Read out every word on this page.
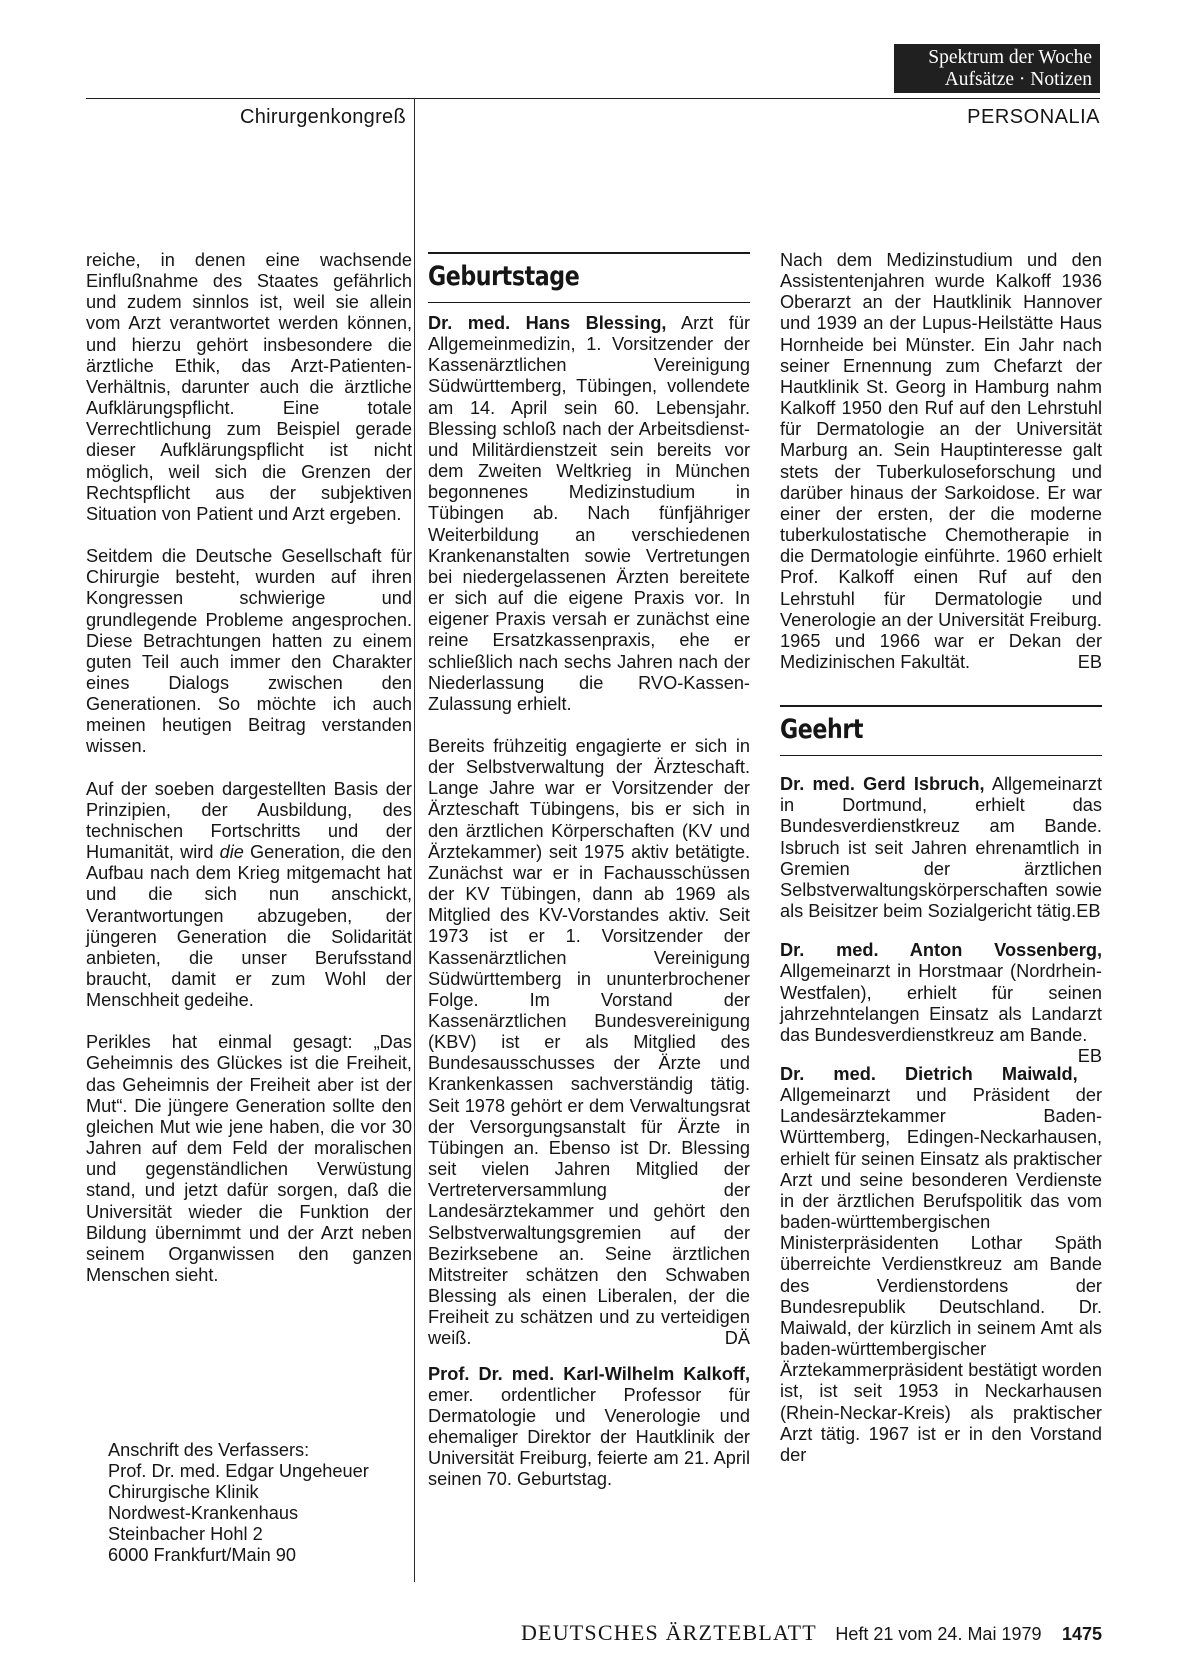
Spektrum der Woche
Aufsätze · Notizen
Chirurgenkongreß	PERSONALIA

reiche, in denen eine wachsende Einflußnahme des Staates gefährlich und zudem sinnlos ist, weil sie allein vom Arzt verantwortet werden können, und hierzu gehört insbesondere die ärztliche Ethik, das Arzt-Patienten-Verhältnis, darunter auch die ärztliche Aufklärungspflicht. Eine totale Verrechtlichung zum Beispiel gerade dieser Aufklärungspflicht ist nicht möglich, weil sich die Grenzen der Rechtspflicht aus der subjektiven Situation von Patient und Arzt ergeben.

Seitdem die Deutsche Gesellschaft für Chirurgie besteht, wurden auf ihren Kongressen schwierige und grundlegende Probleme angesprochen. Diese Betrachtungen hatten zu einem guten Teil auch immer den Charakter eines Dialogs zwischen den Generationen. So möchte ich auch meinen heutigen Beitrag verstanden wissen.

Auf der soeben dargestellten Basis der Prinzipien, der Ausbildung, des technischen Fortschritts und der Humanität, wird die Generation, die den Aufbau nach dem Krieg mitgemacht hat und die sich nun anschickt, Verantwortungen abzugeben, der jüngeren Generation die Solidarität anbieten, die unser Berufsstand braucht, damit er zum Wohl der Menschheit gedeihe.

Perikles hat einmal gesagt: „Das Geheimnis des Glückes ist die Freiheit, das Geheimnis der Freiheit aber ist der Mut“. Die jüngere Generation sollte den gleichen Mut wie jene haben, die vor 30 Jahren auf dem Feld der moralischen und gegenständlichen Verwüstung stand, und jetzt dafür sorgen, daß die Universität wieder die Funktion der Bildung übernimmt und der Arzt neben seinem Organwissen den ganzen Menschen sieht.

Anschrift des Verfassers:
Prof. Dr. med. Edgar Ungeheuer
Chirurgische Klinik
Nordwest-Krankenhaus
Steinbacher Hohl 2
6000 Frankfurt/Main 90
Geburtstage

Dr. med. Hans Blessing, Arzt für Allgemeinmedizin, 1. Vorsitzender der Kassenärztlichen Vereinigung Südwürttemberg, Tübingen, vollendete am 14. April sein 60. Lebensjahr. Blessing schloß nach der Arbeitsdienst- und Militärdienstzeit sein bereits vor dem Zweiten Weltkrieg in München begonnenes Medizinstudium in Tübingen ab. Nach fünfjähriger Weiterbildung an verschiedenen Krankenanstalten sowie Vertretungen bei niedergelassenen Ärzten bereitete er sich auf die eigene Praxis vor. In eigener Praxis versah er zunächst eine reine Ersatzkassenpraxis, ehe er schließlich nach sechs Jahren nach der Niederlassung die RVO-Kassen-Zulassung erhielt.

Bereits frühzeitig engagierte er sich in der Selbstverwaltung der Ärzteschaft. Lange Jahre war er Vorsitzender der Ärzteschaft Tübingens, bis er sich in den ärztlichen Körperschaften (KV und Ärztekammer) seit 1975 aktiv betätigte. Zunächst war er in Fachausschüssen der KV Tübingen, dann ab 1969 als Mitglied des KV-Vorstandes aktiv. Seit 1973 ist er 1. Vorsitzender der Kassenärztlichen Vereinigung Südwürttemberg in ununterbrochener Folge. Im Vorstand der Kassenärztlichen Bundesvereinigung (KBV) ist er als Mitglied des Bundesausschusses der Ärzte und Krankenkassen sachverständig tätig. Seit 1978 gehört er dem Verwaltungsrat der Versorgungsanstalt für Ärzte in Tübingen an. Ebenso ist Dr. Blessing seit vielen Jahren Mitglied der Vertreterversammlung der Landesärztekammer und gehört den Selbstverwaltungsgremien auf der Bezirksebene an. Seine ärztlichen Mitstreiter schätzen den Schwaben Blessing als einen Liberalen, der die Freiheit zu schätzen und zu verteidigen weiß.	DÄ

Prof. Dr. med. Karl-Wilhelm Kalkoff, emer. ordentlicher Professor für Dermatologie und Venerologie und ehemaliger Direktor der Hautklinik der Universität Freiburg, feierte am 21. April seinen 70. Geburtstag.

Nach dem Medizinstudium und den Assistentenjahren wurde Kalkoff 1936 Oberarzt an der Hautklinik Hannover und 1939 an der Lupus-Heilstätte Haus Hornheide bei Münster. Ein Jahr nach seiner Ernennung zum Chefarzt der Hautklinik St. Georg in Hamburg nahm Kalkoff 1950 den Ruf auf den Lehrstuhl für Dermatologie an der Universität Marburg an. Sein Hauptinteresse galt stets der Tuberkuloseforschung und darüber hinaus der Sarkoidose. Er war einer der ersten, der die moderne tuberkulostatische Chemotherapie in die Dermatologie einführte. 1960 erhielt Prof. Kalkoff einen Ruf auf den Lehrstuhl für Dermatologie und Venerologie an der Universität Freiburg. 1965 und 1966 war er Dekan der Medizinischen Fakultät.	EB

Geehrt

Dr. med. Gerd Isbruch, Allgemeinarzt in Dortmund, erhielt das Bundesverdienstkreuz am Bande. Isbruch ist seit Jahren ehrenamtlich in Gremien der ärztlichen Selbstverwaltungskörperschaften sowie als Beisitzer beim Sozialgericht tätig.EB

Dr. med. Anton Vossenberg, Allgemeinarzt in Horstmaar (Nordrhein-Westfalen), erhielt für seinen jahrzehntelangen Einsatz als Landarzt das Bundesverdienstkreuz am Bande.
EB

Dr. med. Dietrich Maiwald, Allgemeinarzt und Präsident der Landesärztekammer Baden-Württemberg, Edingen-Neckarhausen, erhielt für seinen Einsatz als praktischer Arzt und seine besonderen Verdienste in der ärztlichen Berufspolitik das vom baden-württembergischen Ministerpräsidenten Lothar Späth überreichte Verdienstkreuz am Bande des Verdienstordens der Bundesrepublik Deutschland. Dr. Maiwald, der kürzlich in seinem Amt als baden-württembergischer Ärztekammerpräsident bestätigt worden ist, ist seit 1953 in Neckarhausen (Rhein-Neckar-Kreis) als praktischer Arzt tätig. 1967 ist er in den Vorstand der

DEUTSCHES ÄRZTEBLATT Heft 21 vom 24. Mai 1979 1475
